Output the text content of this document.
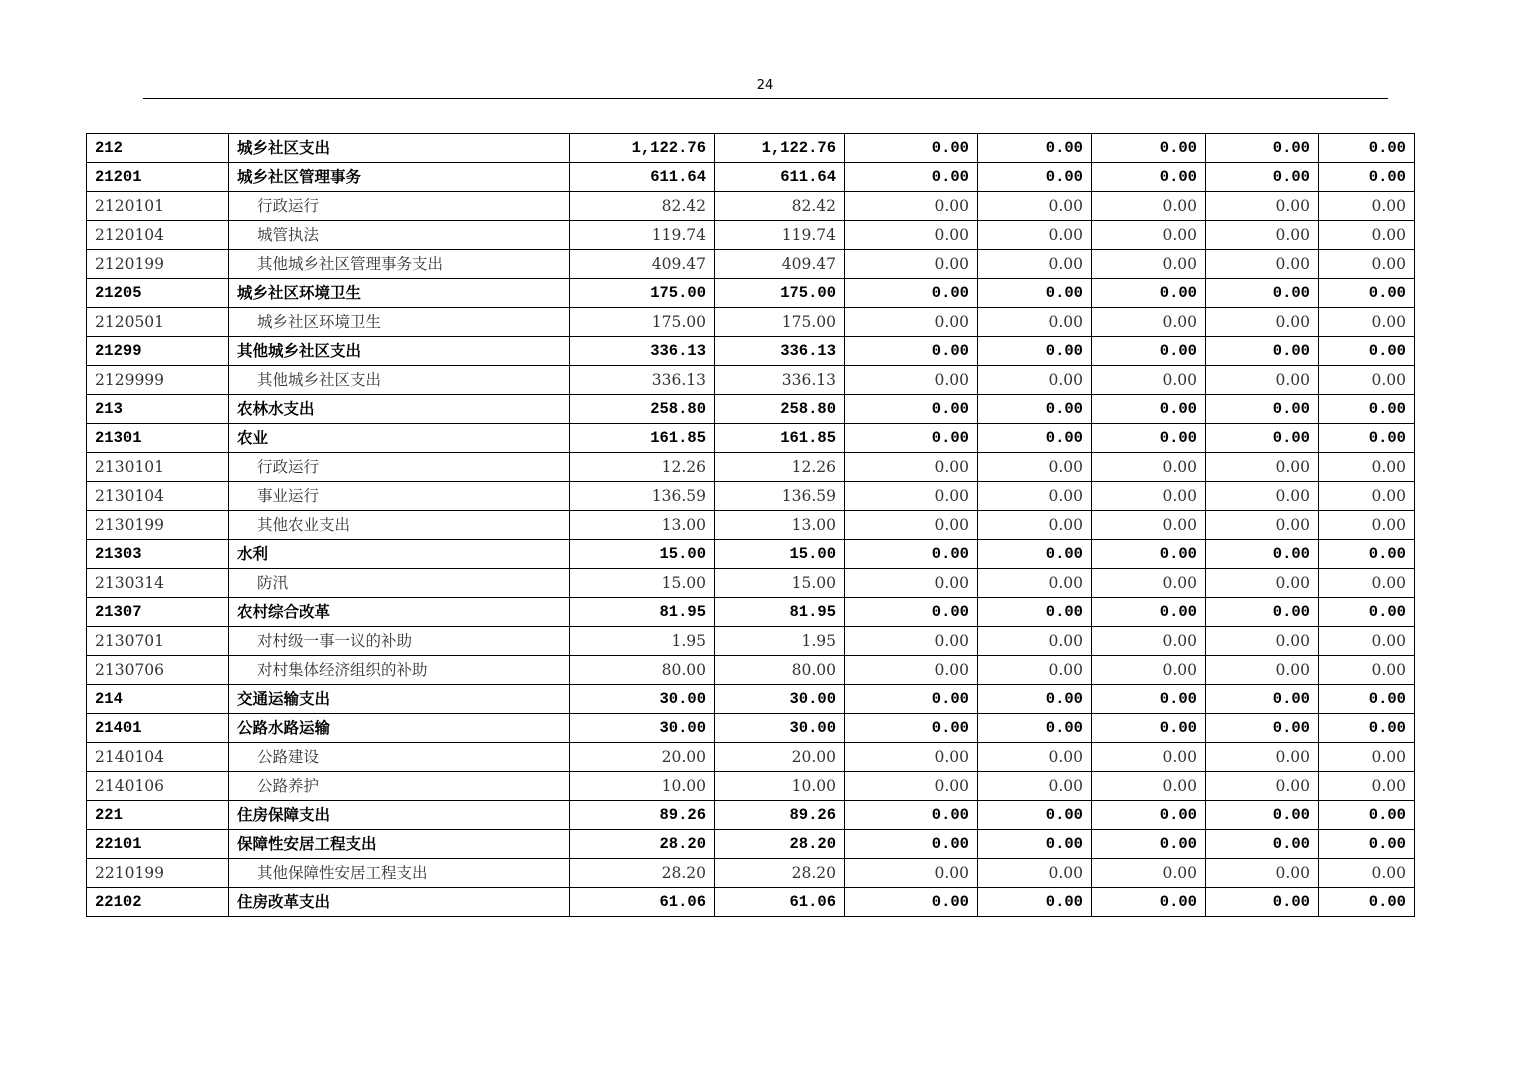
24
212	城乡社区支出	1,122.76	1,122.76	0.00	0.00	0.00	0.00	0.00
21201	城乡社区管理事务	611.64	611.64	0.00	0.00	0.00	0.00	0.00
2120101	行政运行	82.42	82.42	0.00	0.00	0.00	0.00	0.00
2120104	城管执法	119.74	119.74	0.00	0.00	0.00	0.00	0.00
2120199	其他城乡社区管理事务支出	409.47	409.47	0.00	0.00	0.00	0.00	0.00
21205	城乡社区环境卫生	175.00	175.00	0.00	0.00	0.00	0.00	0.00
2120501	城乡社区环境卫生	175.00	175.00	0.00	0.00	0.00	0.00	0.00
21299	其他城乡社区支出	336.13	336.13	0.00	0.00	0.00	0.00	0.00
2129999	其他城乡社区支出	336.13	336.13	0.00	0.00	0.00	0.00	0.00
213	农林水支出	258.80	258.80	0.00	0.00	0.00	0.00	0.00
21301	农业	161.85	161.85	0.00	0.00	0.00	0.00	0.00
2130101	行政运行	12.26	12.26	0.00	0.00	0.00	0.00	0.00
2130104	事业运行	136.59	136.59	0.00	0.00	0.00	0.00	0.00
2130199	其他农业支出	13.00	13.00	0.00	0.00	0.00	0.00	0.00
21303	水利	15.00	15.00	0.00	0.00	0.00	0.00	0.00
2130314	防汛	15.00	15.00	0.00	0.00	0.00	0.00	0.00
21307	农村综合改革	81.95	81.95	0.00	0.00	0.00	0.00	0.00
2130701	对村级一事一议的补助	1.95	1.95	0.00	0.00	0.00	0.00	0.00
2130706	对村集体经济组织的补助	80.00	80.00	0.00	0.00	0.00	0.00	0.00
214	交通运输支出	30.00	30.00	0.00	0.00	0.00	0.00	0.00
21401	公路水路运输	30.00	30.00	0.00	0.00	0.00	0.00	0.00
2140104	公路建设	20.00	20.00	0.00	0.00	0.00	0.00	0.00
2140106	公路养护	10.00	10.00	0.00	0.00	0.00	0.00	0.00
221	住房保障支出	89.26	89.26	0.00	0.00	0.00	0.00	0.00
22101	保障性安居工程支出	28.20	28.20	0.00	0.00	0.00	0.00	0.00
2210199	其他保障性安居工程支出	28.20	28.20	0.00	0.00	0.00	0.00	0.00
22102	住房改革支出	61.06	61.06	0.00	0.00	0.00	0.00	0.00
